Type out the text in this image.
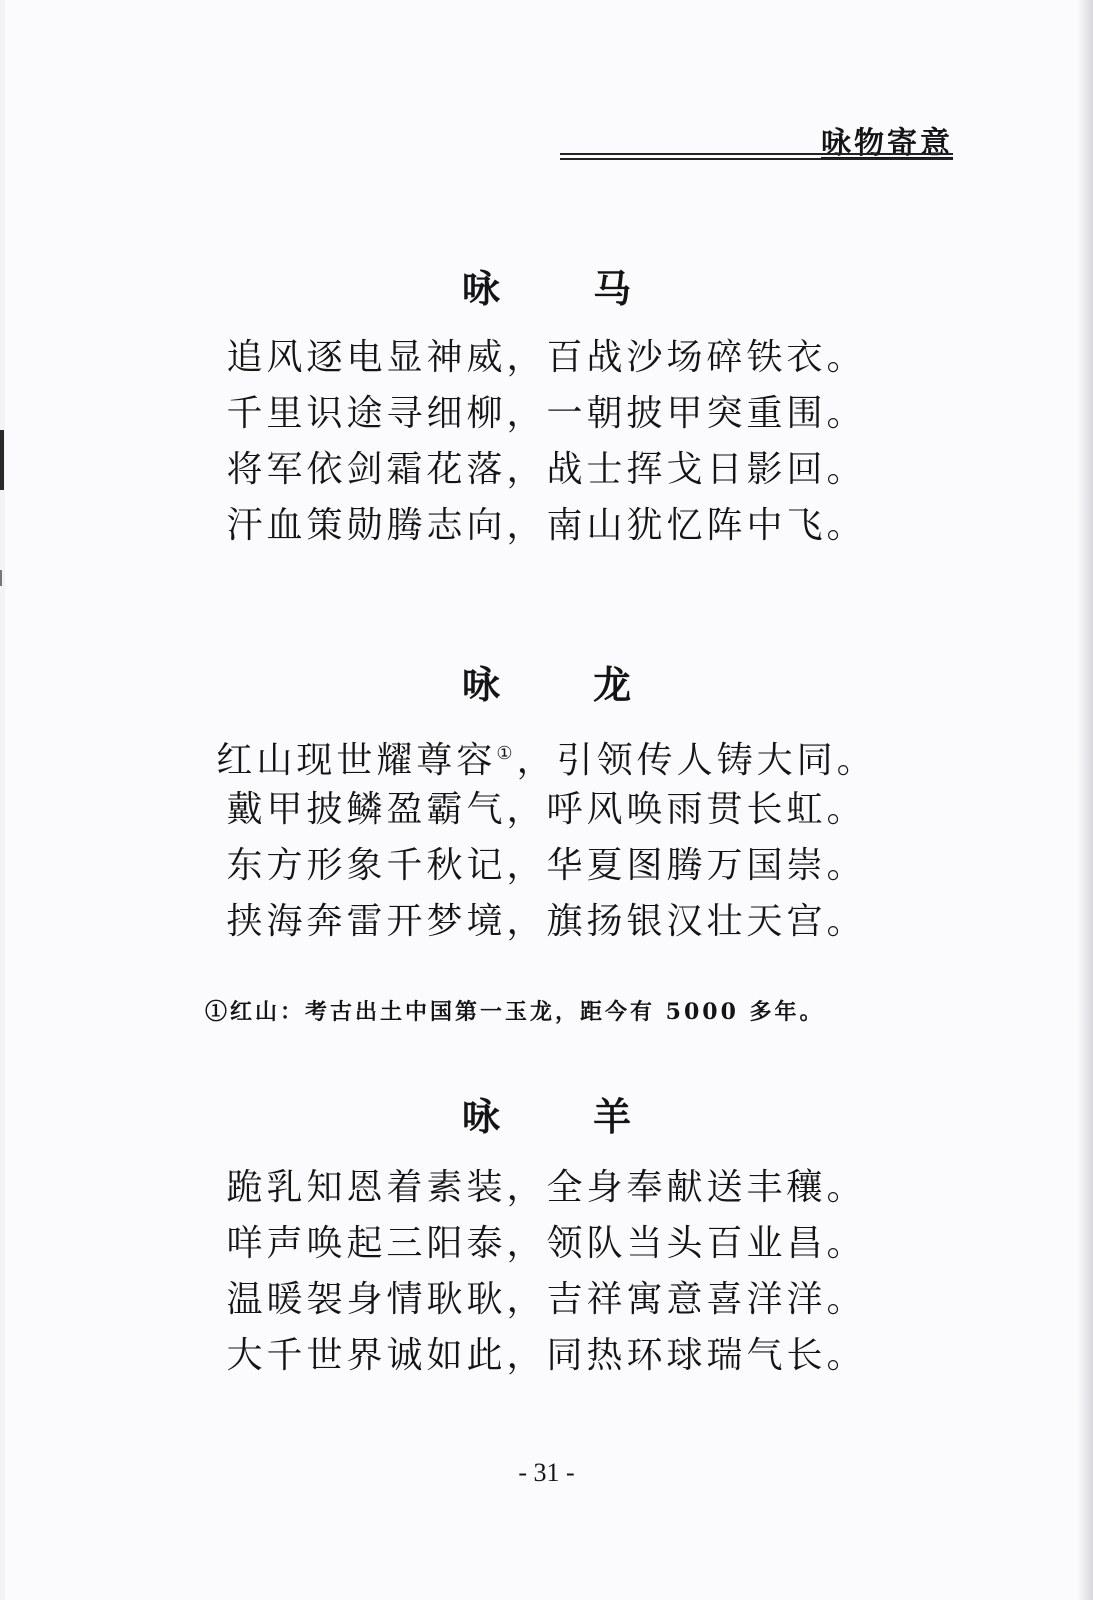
咏物寄意
咏 马
追风逐电显神威，百战沙场碎铁衣。
千里识途寻细柳，一朝披甲突重围。
将军依剑霜花落，战士挥戈日影回。
汗血策勋腾志向，南山犹忆阵中飞。
咏 龙
红山现世耀尊容①，引领传人铸大同。
戴甲披鳞盈霸气，呼风唤雨贯长虹。
东方形象千秋记，华夏图腾万国崇。
挟海奔雷开梦境，旗扬银汉壮天宫。
①红山：考古出土中国第一玉龙，距今有 5000 多年。
咏 羊
跪乳知恩着素装，全身奉献送丰穰。
咩声唤起三阳泰，领队当头百业昌。
温暖袈身情耿耿，吉祥寓意喜洋洋。
大千世界诚如此，同热环球瑞气长。
- 31 -
